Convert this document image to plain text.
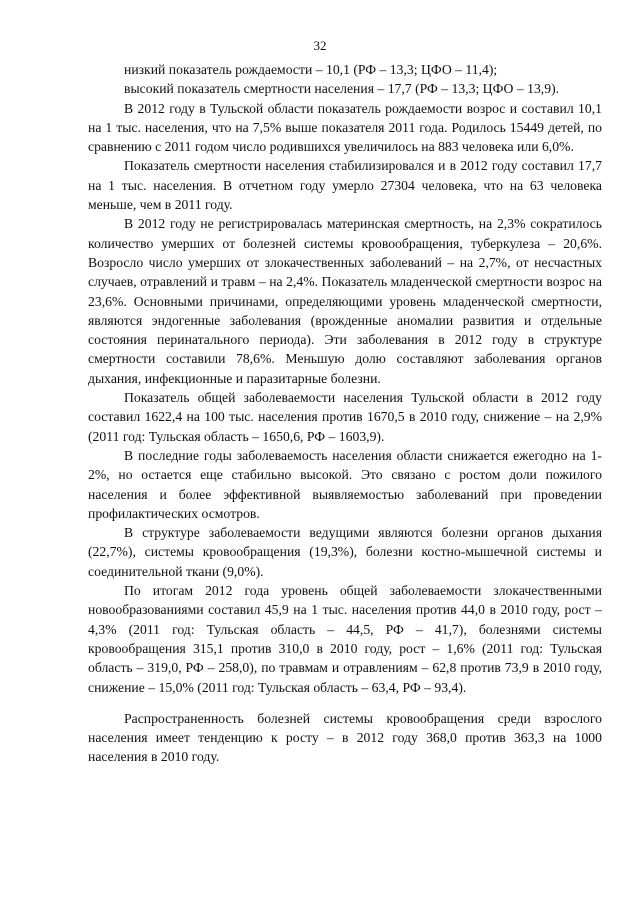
32

низкий показатель рождаемости – 10,1 (РФ – 13,3; ЦФО – 11,4);

высокий показатель смертности населения – 17,7 (РФ – 13,3; ЦФО – 13,9).

В 2012 году в Тульской области показатель рождаемости возрос и составил 10,1 на 1 тыс. населения, что на 7,5% выше показателя 2011 года. Родилось 15449 детей, по сравнению с 2011 годом число родившихся увеличилось на 883 человека или 6,0%.

Показатель смертности населения стабилизировался и в 2012 году составил 17,7 на 1 тыс. населения. В отчетном году умерло 27304 человека, что на 63 человека меньше, чем в 2011 году.

В 2012 году не регистрировалась материнская смертность, на 2,3% сократилось количество умерших от болезней системы кровообращения, туберкулеза – 20,6%. Возросло число умерших от злокачественных заболеваний – на 2,7%, от несчастных случаев, отравлений и травм – на 2,4%. Показатель младенческой смертности возрос на 23,6%. Основными причинами, определяющими уровень младенческой смертности, являются эндогенные заболевания (врожденные аномалии развития и отдельные состояния перинатального периода). Эти заболевания в 2012 году в структуре смертности составили 78,6%. Меньшую долю составляют заболевания органов дыхания, инфекционные и паразитарные болезни.

Показатель общей заболеваемости населения Тульской области в 2012 году составил 1622,4 на 100 тыс. населения против 1670,5 в 2010 году, снижение – на 2,9% (2011 год: Тульская область – 1650,6, РФ – 1603,9).

В последние годы заболеваемость населения области снижается ежегодно на 1-2%, но остается еще стабильно высокой. Это связано с ростом доли пожилого населения и более эффективной выявляемостью заболеваний при проведении профилактических осмотров.

В структуре заболеваемости ведущими являются болезни органов дыхания (22,7%), системы кровообращения (19,3%), болезни костно-мышечной системы и соединительной ткани (9,0%).

По итогам 2012 года уровень общей заболеваемости злокачественными новообразованиями составил 45,9 на 1 тыс. населения против 44,0 в 2010 году, рост – 4,3% (2011 год: Тульская область – 44,5, РФ – 41,7), болезнями системы кровообращения 315,1 против 310,0 в 2010 году, рост – 1,6% (2011 год: Тульская область – 319,0, РФ – 258,0), по травмам и отравлениям – 62,8 против 73,9 в 2010 году, снижение – 15,0% (2011 год: Тульская область – 63,4, РФ – 93,4).

Распространенность болезней системы кровообращения среди взрослого населения имеет тенденцию к росту – в 2012 году 368,0 против 363,3 на 1000 населения в 2010 году.
